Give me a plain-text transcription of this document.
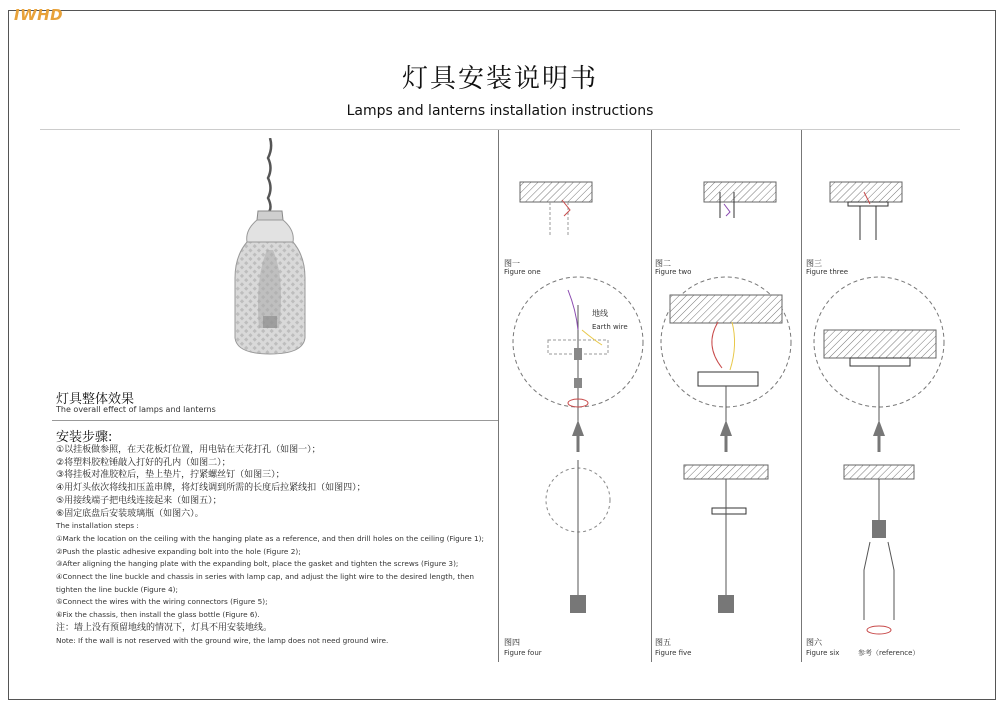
IWHD
灯具安装说明书
Lamps and lanterns installation instructions
灯具整体效果
The overall effect of lamps and lanterns
安装步骤:
①以挂板做参照，在天花板灯位置，用电钻在天花打孔（如图一）；
②将塑料胶粒锤敲入打好的孔内（如图二）；
③将挂板对准胶粒后，垫上垫片，拧紧螺丝钉（如图三）；
④用灯头依次将线扣压盖串牌，将灯线调到所需的长度后拉紧线扣（如图四）；
⑤用接线端子把电线连接起来（如图五）；
⑥固定底盘后安装玻璃瓶（如图六）。
The installation steps :
①Mark the location on the ceiling with the hanging plate as a reference, and then drill holes on the ceiling (Figure 1);
②Push the plastic adhesive expanding bolt into the hole (Figure 2);
③After aligning the hanging plate with the expanding bolt, place the gasket and tighten the screws (Figure 3);
④Connect the line buckle and chassis in series with lamp cap, and adjust the light wire to the desired length, then
tighten the line buckle (Figure 4);
⑤Connect the wires with the wiring connectors (Figure 5);
⑥Fix the chassis, then install the glass bottle (Figure 6).
注：墙上没有预留地线的情况下，灯具不用安装地线。
Note: If the wall is not reserved with the ground wire, the lamp does not need ground wire.
图一
Figure one
图二
Figure two
图三
Figure three
图四
Figure four
图五
Figure five
图六
Figure six
地线
Earth wire
参考（reference）
